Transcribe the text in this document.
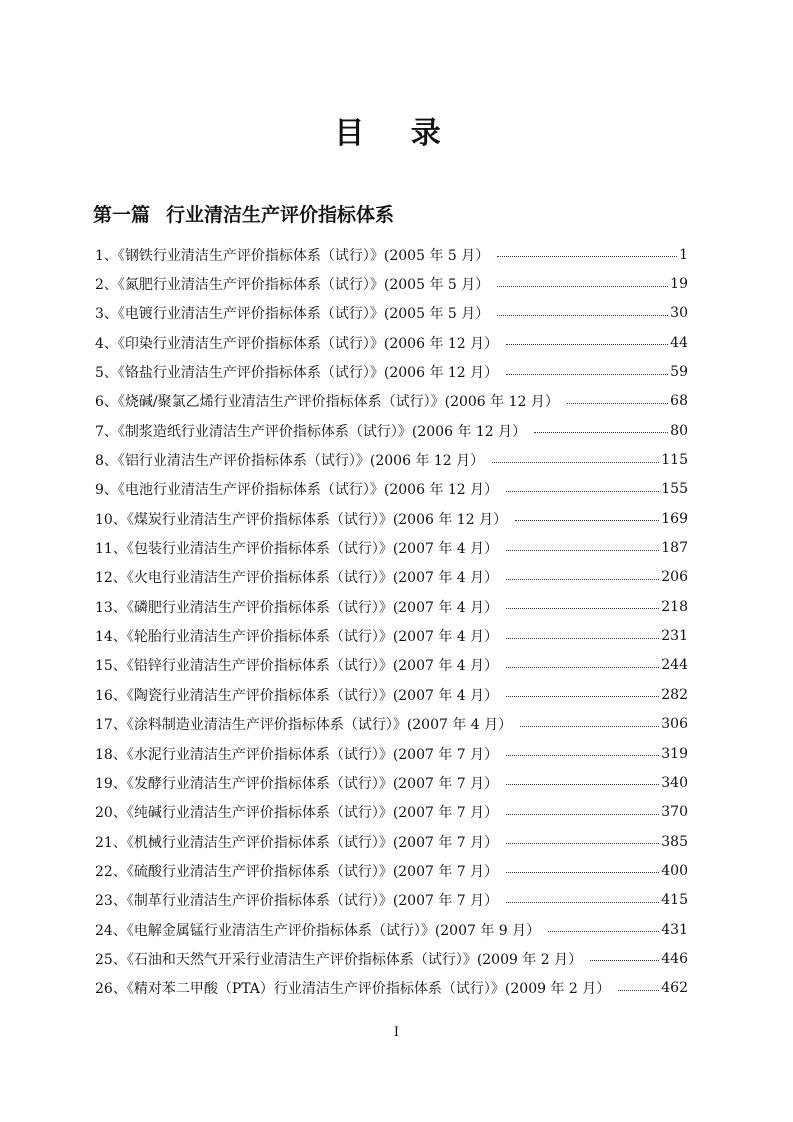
目 录
第一篇 行业清洁生产评价指标体系
1、《钢铁行业清洁生产评价指标体系（试行）》(2005 年 5 月）	1
2、《氮肥行业清洁生产评价指标体系（试行）》(2005 年 5 月）	19
3、《电镀行业清洁生产评价指标体系（试行）》(2005 年 5 月）	30
4、《印染行业清洁生产评价指标体系（试行）》(2006 年 12 月）	44
5、《铬盐行业清洁生产评价指标体系（试行）》(2006 年 12 月）	59
6、《烧碱/聚氯乙烯行业清洁生产评价指标体系（试行）》(2006 年 12 月）	68
7、《制浆造纸行业清洁生产评价指标体系（试行）》(2006 年 12 月）	80
8、《铝行业清洁生产评价指标体系（试行）》(2006 年 12 月）	115
9、《电池行业清洁生产评价指标体系（试行）》(2006 年 12 月）	155
10、《煤炭行业清洁生产评价指标体系（试行）》(2006 年 12 月）	169
11、《包装行业清洁生产评价指标体系（试行）》(2007 年 4 月）	187
12、《火电行业清洁生产评价指标体系（试行）》(2007 年 4 月）	206
13、《磷肥行业清洁生产评价指标体系（试行）》(2007 年 4 月）	218
14、《轮胎行业清洁生产评价指标体系（试行）》(2007 年 4 月）	231
15、《铅锌行业清洁生产评价指标体系（试行）》(2007 年 4 月）	244
16、《陶瓷行业清洁生产评价指标体系（试行）》(2007 年 4 月）	282
17、《涂料制造业清洁生产评价指标体系（试行）》(2007 年 4 月）	306
18、《水泥行业清洁生产评价指标体系（试行）》(2007 年 7 月）	319
19、《发酵行业清洁生产评价指标体系（试行）》(2007 年 7 月）	340
20、《纯碱行业清洁生产评价指标体系（试行）》(2007 年 7 月）	370
21、《机械行业清洁生产评价指标体系（试行）》(2007 年 7 月）	385
22、《硫酸行业清洁生产评价指标体系（试行）》(2007 年 7 月）	400
23、《制革行业清洁生产评价指标体系（试行）》(2007 年 7 月）	415
24、《电解金属锰行业清洁生产评价指标体系（试行）》(2007 年 9 月）	431
25、《石油和天然气开采行业清洁生产评价指标体系（试行）》(2009 年 2 月）	446
26、《精对苯二甲酸（PTA）行业清洁生产评价指标体系（试行）》(2009 年 2 月）	462
I
